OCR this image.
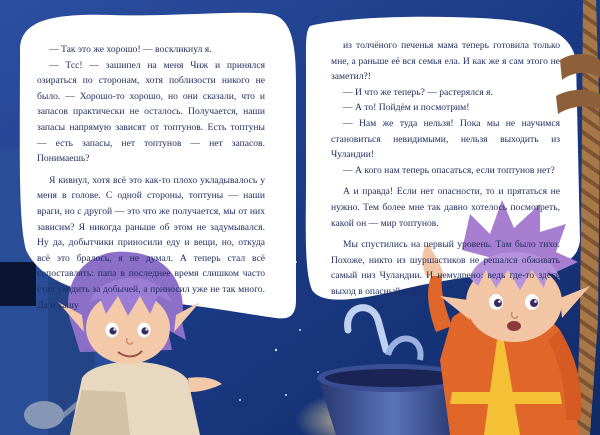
— Так это же хорошо! — воскликнул я.

— Тсс! — зашипел на меня Чиж и принялся озираться по сторонам, хотя поблизости никого не было. — Хорошо-то хорошо, но они сказали, что и запасов практически не осталось. Получается, наши запасы напрямую зависят от топтунов. Есть топтуны — есть запасы, нет топтунов — нет запасов. Понимаешь?

Я кивнул, хотя всё это как-то плохо укладывалось у меня в голове. С одной стороны, топтуны — наши враги, но с другой — это что же получается, мы от них зависим? Я никогда раньше об этом не задумывался. Ну да, добытчики приносили еду и вещи, но, откуда всё это бралось, я не думал. А теперь стал всё сопоставлять: папа в последнее время слишком часто стал уходить за добычей, а приносил уже не так много. Да и кашу

из толчёного печенья мама теперь готовила только мне, а раньше её вся семья ела. И как же я сам этого не заметил?!

— И что же теперь? — растерялся я.

— А то! Пойдём и посмотрим!

— Нам же туда нельзя! Пока мы не научимся становиться невидимыми, нельзя выходить из Чуландии!

— А кого нам теперь опасаться, если топтунов нет?

А и правда! Если нет опасности, то и прятаться не нужно. Тем более мне так давно хотелось посмотреть, какой он — мир топтунов.

Мы спустились на первый уровень. Там было тихо. Похоже, никто из шуршастиков не решался обживать самый низ Чуландии. И немудрено: ведь где-то здесь выход в опасный мир.
